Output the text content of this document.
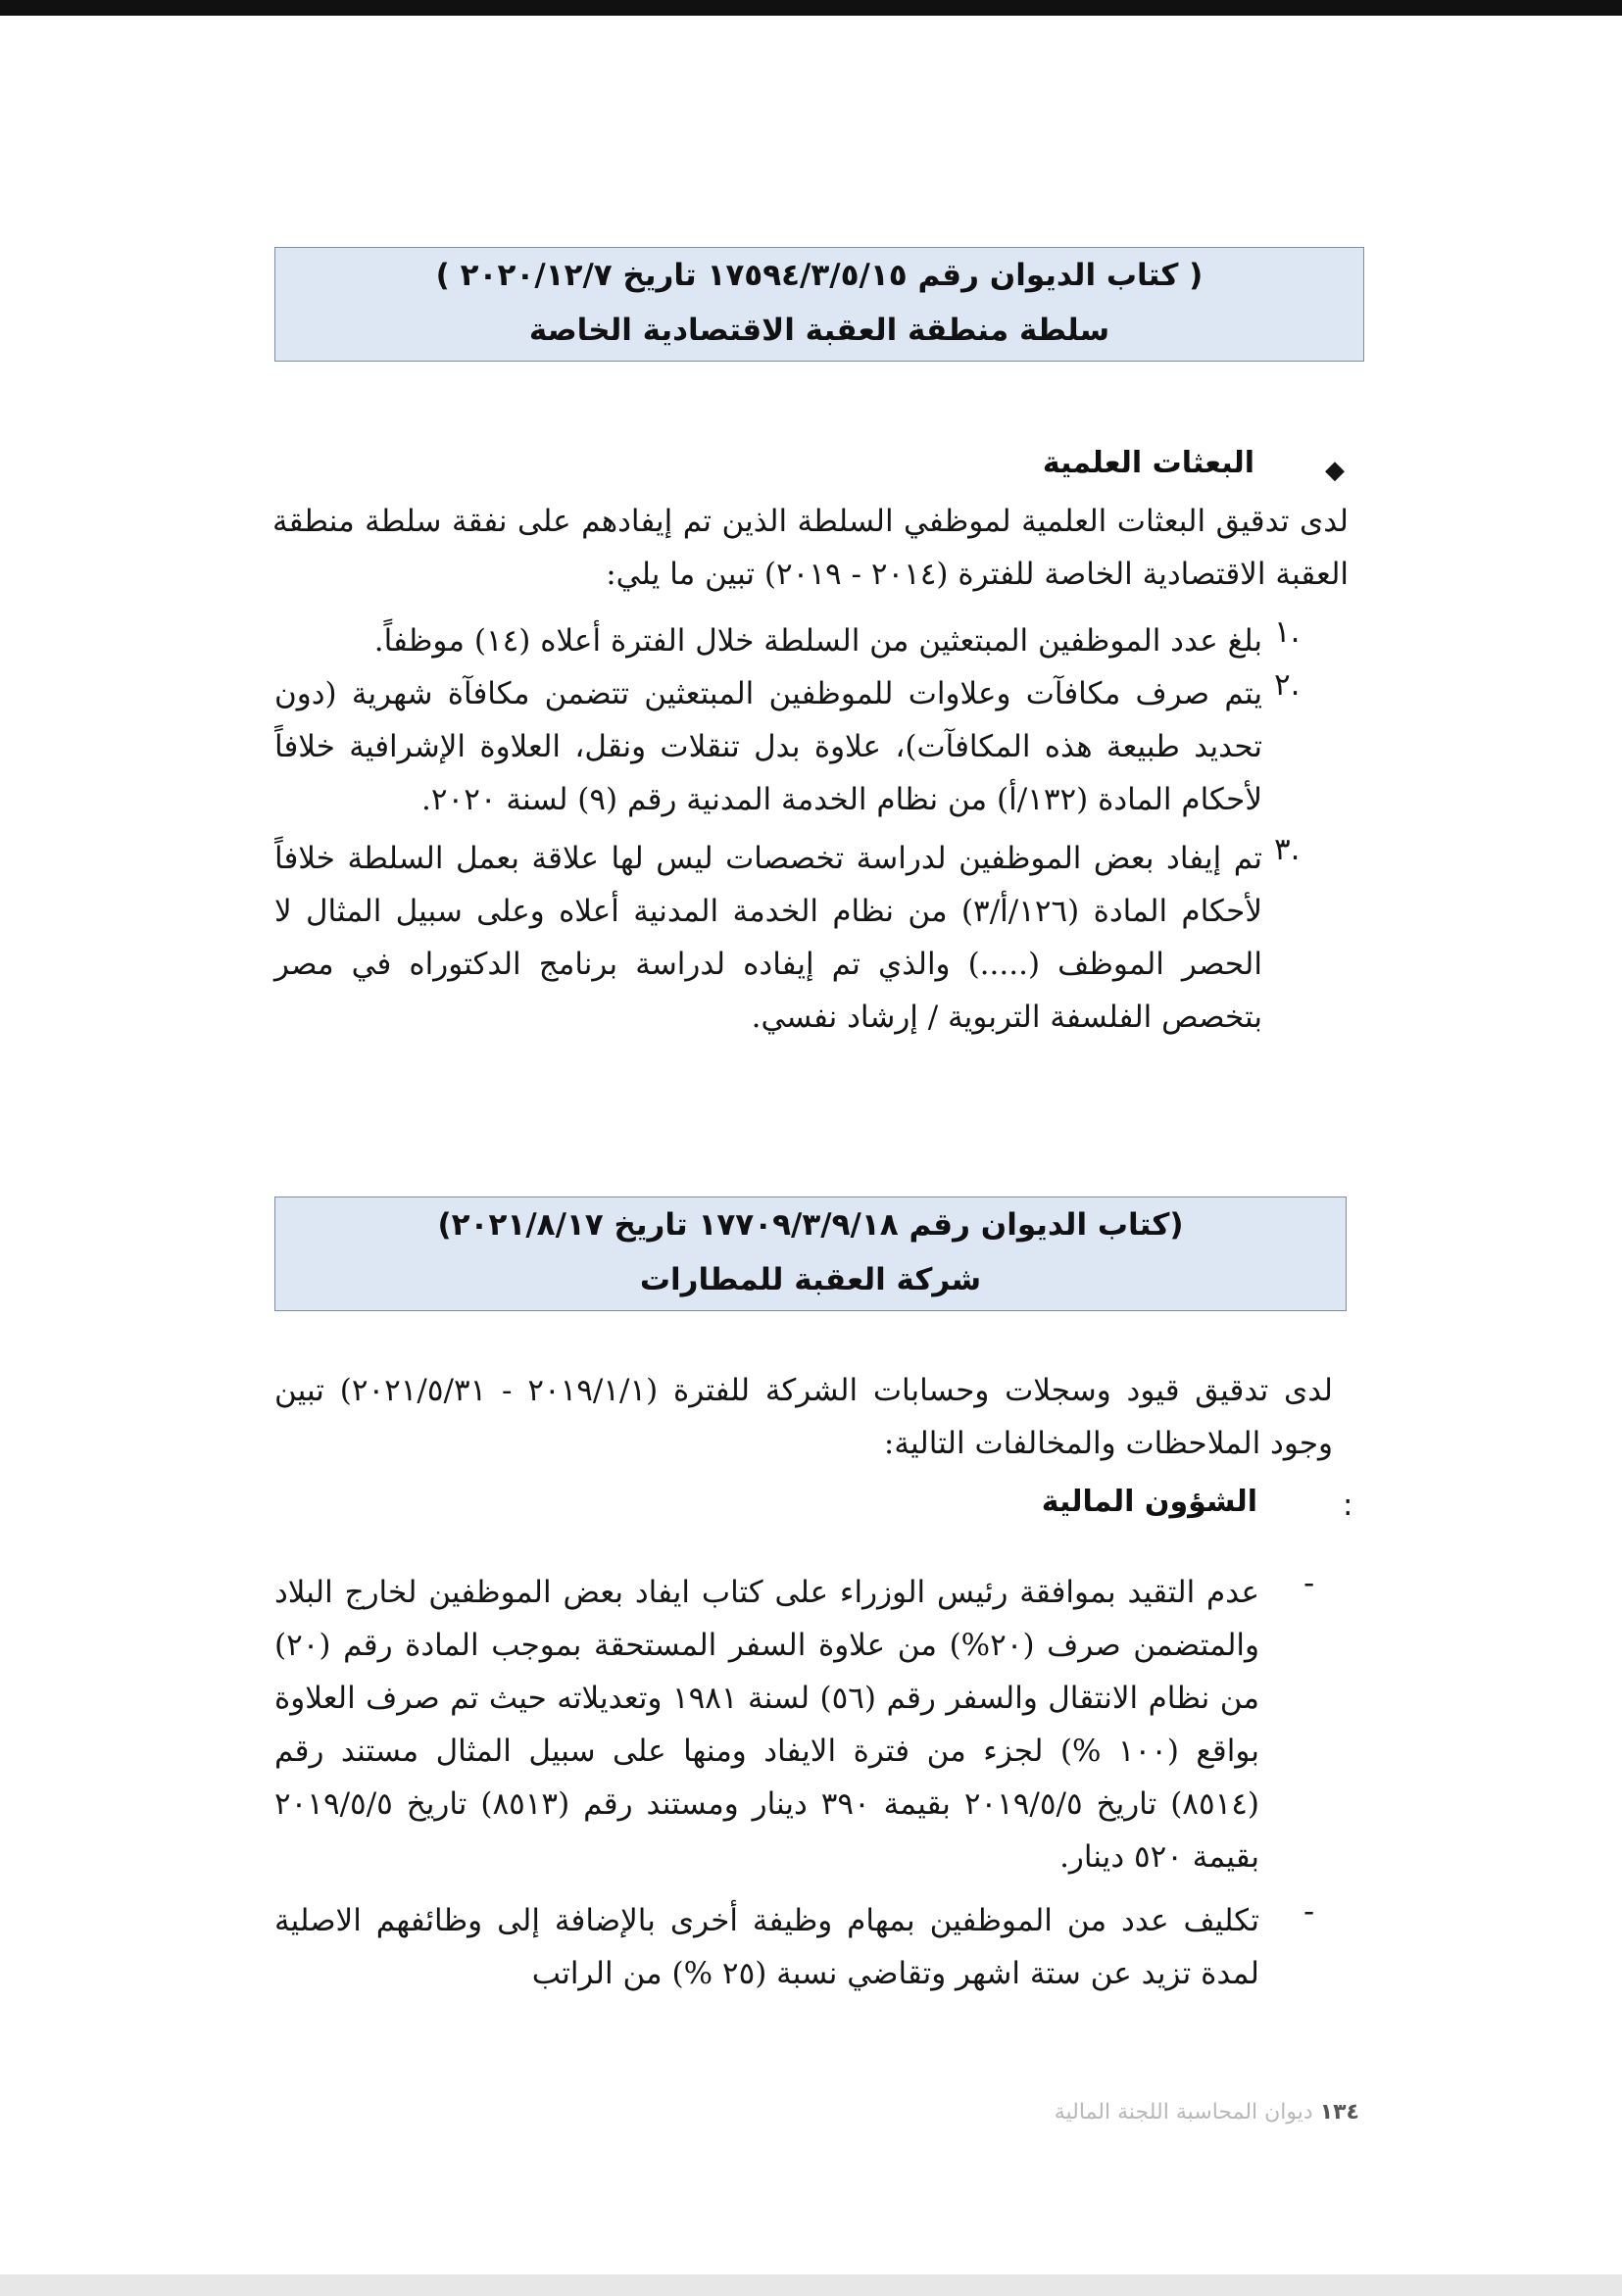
( كتاب الديوان رقم ١٧٥٩٤/٣/٥/١٥ تاريخ ٢٠٢٠/١٢/٧ )
سلطة منطقة العقبة الاقتصادية الخاصة
◆
البعثات العلمية
لدى تدقيق البعثات العلمية لموظفي السلطة الذين تم إيفادهم على نفقة سلطة منطقة العقبة الاقتصادية الخاصة للفترة (٢٠١٤ - ٢٠١٩) تبين ما يلي:
١.
بلغ عدد الموظفين المبتعثين من السلطة خلال الفترة أعلاه (١٤) موظفاً.
٢.
يتم صرف مكافآت وعلاوات للموظفين المبتعثين تتضمن مكافآة شهرية (دون تحديد طبيعة هذه المكافآت)، علاوة بدل تنقلات ونقل، العلاوة الإشرافية خلافاً لأحكام المادة (١٣٢/أ) من نظام الخدمة المدنية رقم (٩) لسنة ٢٠٢٠.
٣.
تم إيفاد بعض الموظفين لدراسة تخصصات ليس لها علاقة بعمل السلطة خلافاً لأحكام المادة (١٢٦/أ/٣) من نظام الخدمة المدنية أعلاه وعلى سبيل المثال لا الحصر الموظف (.....) والذي تم إيفاده لدراسة برنامج الدكتوراه في مصر بتخصص الفلسفة التربوية / إرشاد نفسي.
(كتاب الديوان رقم ١٧٧٠٩/٣/٩/١٨ تاريخ ٢٠٢١/٨/١٧)
شركة العقبة للمطارات
لدى تدقيق قيود وسجلات وحسابات الشركة للفترة (٢٠١٩/١/١ - ٢٠٢١/٥/٣١) تبين وجود الملاحظات والمخالفات التالية:
:
الشؤون المالية
-
عدم التقيد بموافقة رئيس الوزراء على كتاب ايفاد بعض الموظفين لخارج البلاد والمتضمن صرف (٢٠%) من علاوة السفر المستحقة بموجب المادة رقم (٢٠) من نظام الانتقال والسفر رقم (٥٦) لسنة ١٩٨١ وتعديلاته حيث تم صرف العلاوة بواقع (١٠٠ %) لجزء من فترة الايفاد ومنها على سبيل المثال مستند رقم (٨٥١٤) تاريخ ٢٠١٩/٥/٥ بقيمة ٣٩٠ دينار ومستند رقم (٨٥١٣) تاريخ ٢٠١٩/٥/٥ بقيمة ٥٢٠ دينار.
-
تكليف عدد من الموظفين بمهام وظيفة أخرى بالإضافة إلى وظائفهم الاصلية لمدة تزيد عن ستة اشهر وتقاضي نسبة (٢٥ %) من الراتب
١٣٤ ديوان المحاسبة اللجنة المالية
